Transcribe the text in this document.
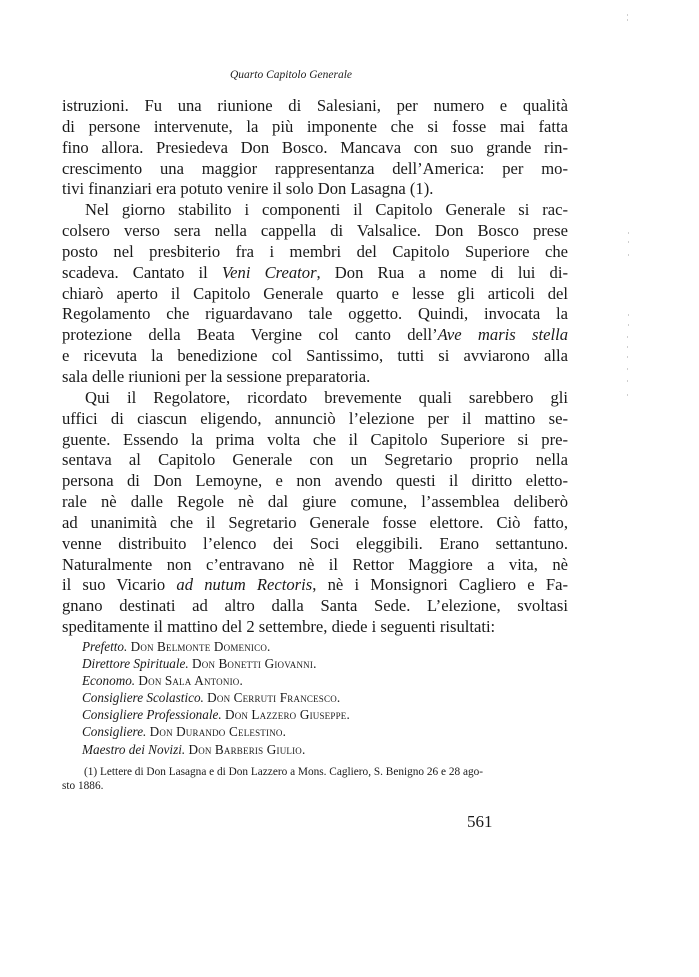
Quarto Capitolo Generale
istruzioni. Fu una riunione di Salesiani, per numero e qualità
di persone intervenute, la più imponente che si fosse mai fatta
fino allora. Presiedeva Don Bosco. Mancava con suo grande rin-
crescimento una maggior rappresentanza dell’America: per mo-
tivi finanziari era potuto venire il solo Don Lasagna (1).
Nel giorno stabilito i componenti il Capitolo Generale si rac-
colsero verso sera nella cappella di Valsalice. Don Bosco prese
posto nel presbiterio fra i membri del Capitolo Superiore che
scadeva. Cantato il Veni Creator, Don Rua a nome di lui di-
chiarò aperto il Capitolo Generale quarto e lesse gli articoli del
Regolamento che riguardavano tale oggetto. Quindi, invocata la
protezione della Beata Vergine col canto dell’Ave maris stella
e ricevuta la benedizione col Santissimo, tutti si avviarono alla
sala delle riunioni per la sessione preparatoria.
Qui il Regolatore, ricordato brevemente quali sarebbero gli
uffici di ciascun eligendo, annunciò l’elezione per il mattino se-
guente. Essendo la prima volta che il Capitolo Superiore si pre-
sentava al Capitolo Generale con un Segretario proprio nella
persona di Don Lemoyne, e non avendo questi il diritto eletto-
rale nè dalle Regole nè dal giure comune, l’assemblea deliberò
ad unanimità che il Segretario Generale fosse elettore. Ciò fatto,
venne distribuito l’elenco dei Soci eleggibili. Erano settantuno.
Naturalmente non c’entravano nè il Rettor Maggiore a vita, nè
il suo Vicario ad nutum Rectoris, nè i Monsignori Cagliero e Fa-
gnano destinati ad altro dalla Santa Sede. L’elezione, svoltasi
speditamente il mattino del 2 settembre, diede i seguenti risultati:
Prefetto. Don Belmonte Domenico.
Direttore Spirituale. Don Bonetti Giovanni.
Economo. Don Sala Antonio.
Consigliere Scolastico. Don Cerruti Francesco.
Consigliere Professionale. Don Lazzero Giuseppe.
Consigliere. Don Durando Celestino.
Maestro dei Novizi. Don Barberis Giulio.
(1) Lettere di Don Lasagna e di Don Lazzero a Mons. Cagliero, S. Benigno 26 e 28 ago-
sto 1886.
561
